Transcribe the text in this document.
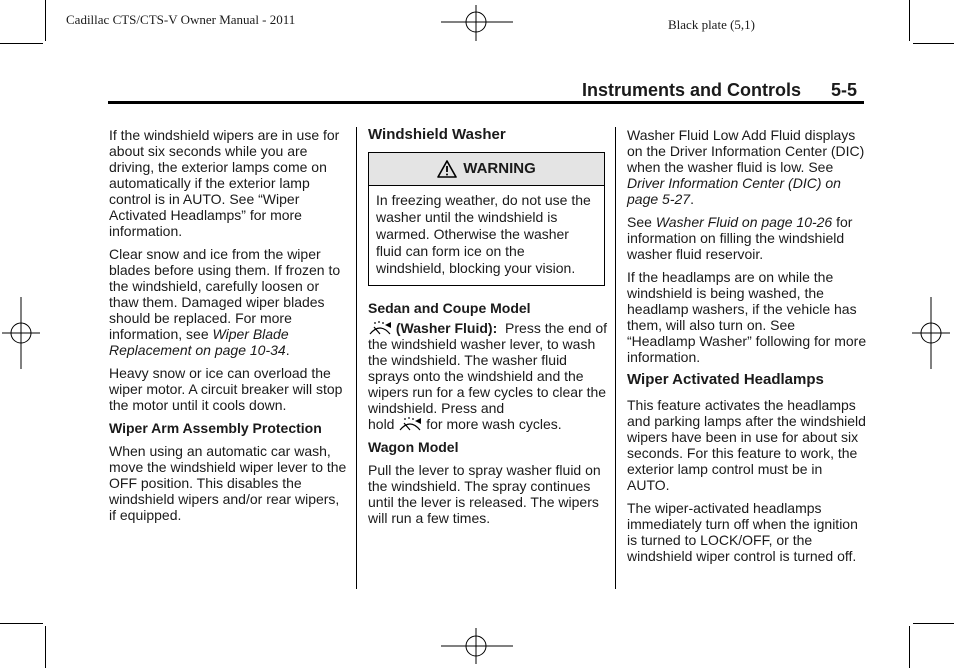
Cadillac CTS/CTS-V Owner Manual - 2011	Black plate (5,1)
Instruments and Controls 5-5

If the windshield wipers are in use for about six seconds while you are driving, the exterior lamps come on automatically if the exterior lamp control is in AUTO. See “Wiper Activated Headlamps” for more information.

Clear snow and ice from the wiper blades before using them. If frozen to the windshield, carefully loosen or thaw them. Damaged wiper blades should be replaced. For more information, see Wiper Blade Replacement on page 10-34.

Heavy snow or ice can overload the wiper motor. A circuit breaker will stop the motor until it cools down.

Wiper Arm Assembly Protection

When using an automatic car wash, move the windshield wiper lever to the OFF position. This disables the windshield wipers and/or rear wipers, if equipped.

Windshield Washer
WARNING
In freezing weather, do not use the washer until the windshield is warmed. Otherwise the washer fluid can form ice on the windshield, blocking your vision.
Sedan and Coupe Model

(Washer Fluid): Press the end of the windshield washer lever, to wash the windshield. The washer fluid sprays onto the windshield and the wipers run for a few cycles to clear the windshield. Press and
hold for more wash cycles.

Wagon Model

Pull the lever to spray washer fluid on the windshield. The spray continues until the lever is released. The wipers will run a few times.

Washer Fluid Low Add Fluid displays on the Driver Information Center (DIC) when the washer fluid is low. See Driver Information Center (DIC) on page 5-27.

See Washer Fluid on page 10-26 for information on filling the windshield washer fluid reservoir.

If the headlamps are on while the windshield is being washed, the headlamp washers, if the vehicle has them, will also turn on. See “Headlamp Washer” following for more information.

Wiper Activated Headlamps

This feature activates the headlamps and parking lamps after the windshield wipers have been in use for about six seconds. For this feature to work, the exterior lamp control must be in AUTO.

The wiper-activated headlamps immediately turn off when the ignition is turned to LOCK/OFF, or the windshield wiper control is turned off.
